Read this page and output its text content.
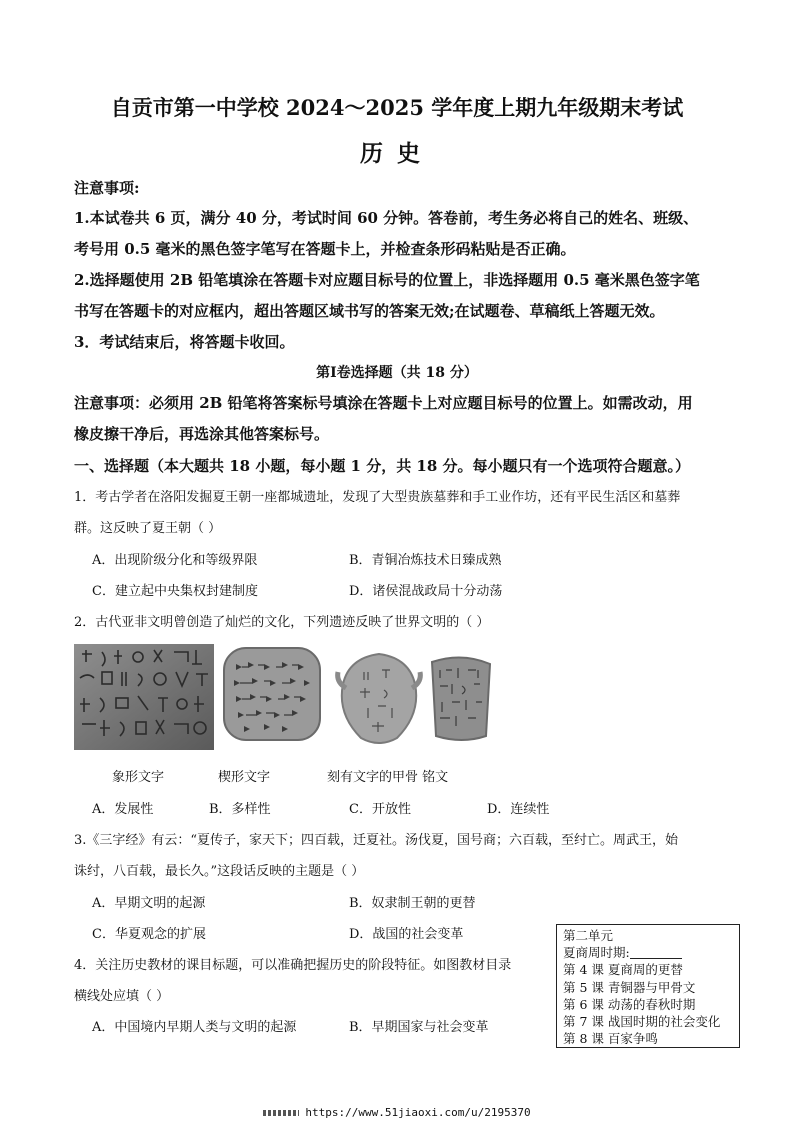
自贡市第一中学校 2024～2025 学年度上期九年级期末考试
历史
注意事项:
1.本试卷共 6 页，满分 40 分，考试时间 60 分钟。答卷前，考生务必将自己的姓名、班级、
考号用 0.5 毫米的黑色签字笔写在答题卡上，并检查条形码粘贴是否正确。
2.选择题使用 2B 铅笔填涂在答题卡对应题目标号的位置上，非选择题用 0.5 毫米黑色签字笔
书写在答题卡的对应框内，超出答题区域书写的答案无效;在试题卷、草稿纸上答题无效。
3．考试结束后，将答题卡收回。
第Ⅰ卷选择题（共 18 分）
注意事项：必须用 2B 铅笔将答案标号填涂在答题卡上对应题目标号的位置上。如需改动，用
橡皮擦干净后，再选涂其他答案标号。
一、选择题（本大题共 18 小题，每小题 1 分，共 18 分。每小题只有一个选项符合题意。）
1．考古学者在洛阳发掘夏王朝一座都城遗址，发现了大型贵族墓葬和手工业作坊，还有平民生活区和墓葬
群。这反映了夏王朝（ ）
A．出现阶级分化和等级界限	B．青铜冶炼技术日臻成熟
C．建立起中央集权封建制度	D．诸侯混战政局十分动荡
2．古代亚非文明曾创造了灿烂的文化，下列遗迹反映了世界文明的（ ）
象形文字	楔形文字	刻有文字的甲骨 铭文
A．发展性	B．多样性	C．开放性	D．连续性
3.《三字经》有云：“夏传子，家天下；四百载，迁夏社。汤伐夏，国号商；六百载，至纣亡。周武王，始
诛纣，八百载，最长久。”这段话反映的主题是（ ）
A．早期文明的起源	B．奴隶制王朝的更替
C．华夏观念的扩展	D．战国的社会变革
4．关注历史教材的课目标题，可以准确把握历史的阶段特征。如图教材目录
横线处应填（ ）
A．中国境内早期人类与文明的起源	B．早期国家与社会变革
第二单元
夏商周时期:
第 4 课 夏商周的更替
第 5 课 青铜器与甲骨文
第 6 课 动荡的春秋时期
第 7 课 战国时期的社会变化
第 8 课 百家争鸣
https://www.51jiaoxi.com/u/2195370
